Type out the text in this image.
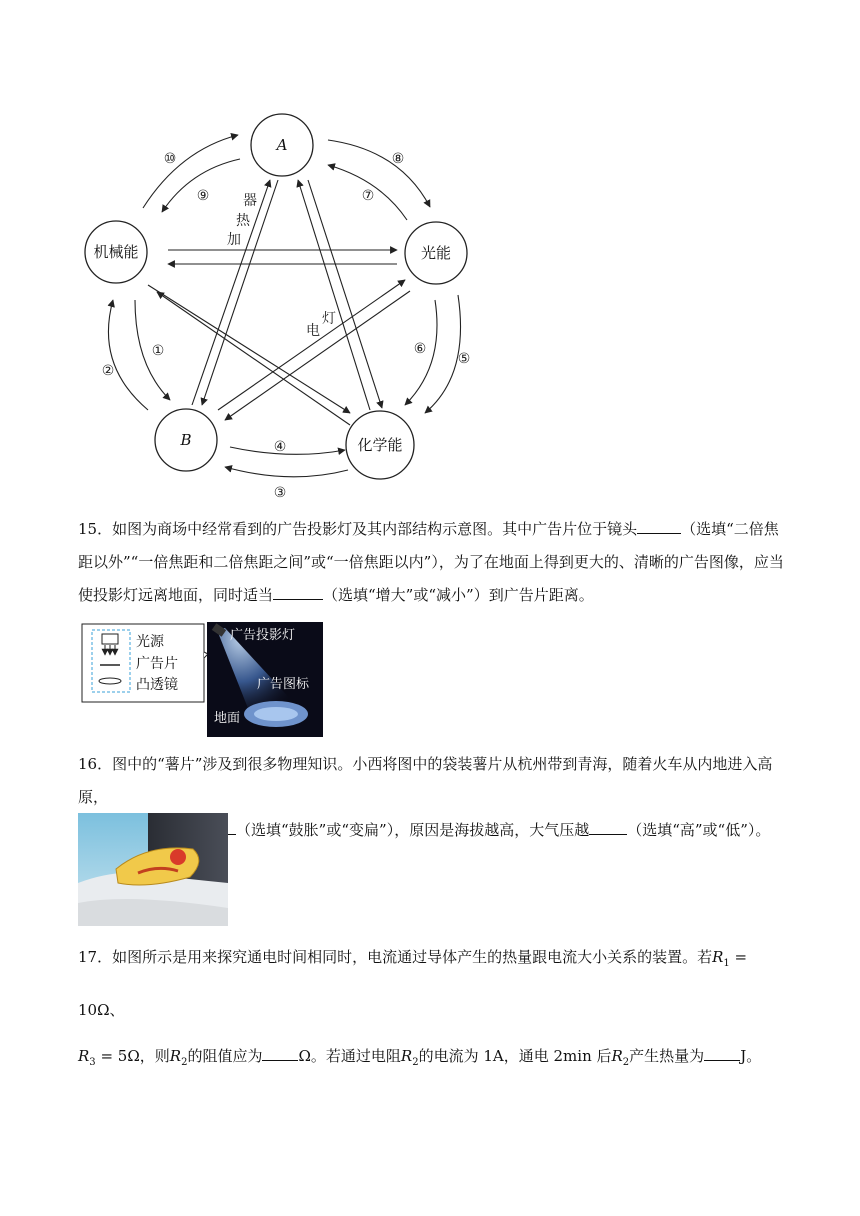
A
B
机械能	光能
化学能
⑩
⑨
⑧
⑦
⑥
⑤
④
③
②
①
器
热
加
灯
电
15．如图为商场中经常看到的广告投影灯及其内部结构示意图。其中广告片位于镜头	（选填“二倍焦
距以外”“一倍焦距和二倍焦距之间”或“一倍焦距以内”），为了在地面上得到更大的、清晰的广告图像，应当
使投影灯远离地面，同时适当	（选填“增大”或“减小”）到广告片距离。
光源
广告片
凸透镜
广告投影灯
广告图标
地面
16．图中的“薯片”涉及到很多物理知识。小西将图中的袋装薯片从杭州带到青海，随着火车从内地进入高原，
（选填“鼓胀”或“变扁”），原因是海拔越高，大气压越	（选填“高”或“低”）。
17．如图所示是用来探究通电时间相同时，电流通过导体产生的热量跟电流大小关系的装置。若$R_1 = 10\Omega$、
$R_3 = 5\Omega$，则$R_2$的阻值应为 Ω。若通过电阻$R_2$的电流为 1A，通电 2min 后$R_2$产生热量为 J。
